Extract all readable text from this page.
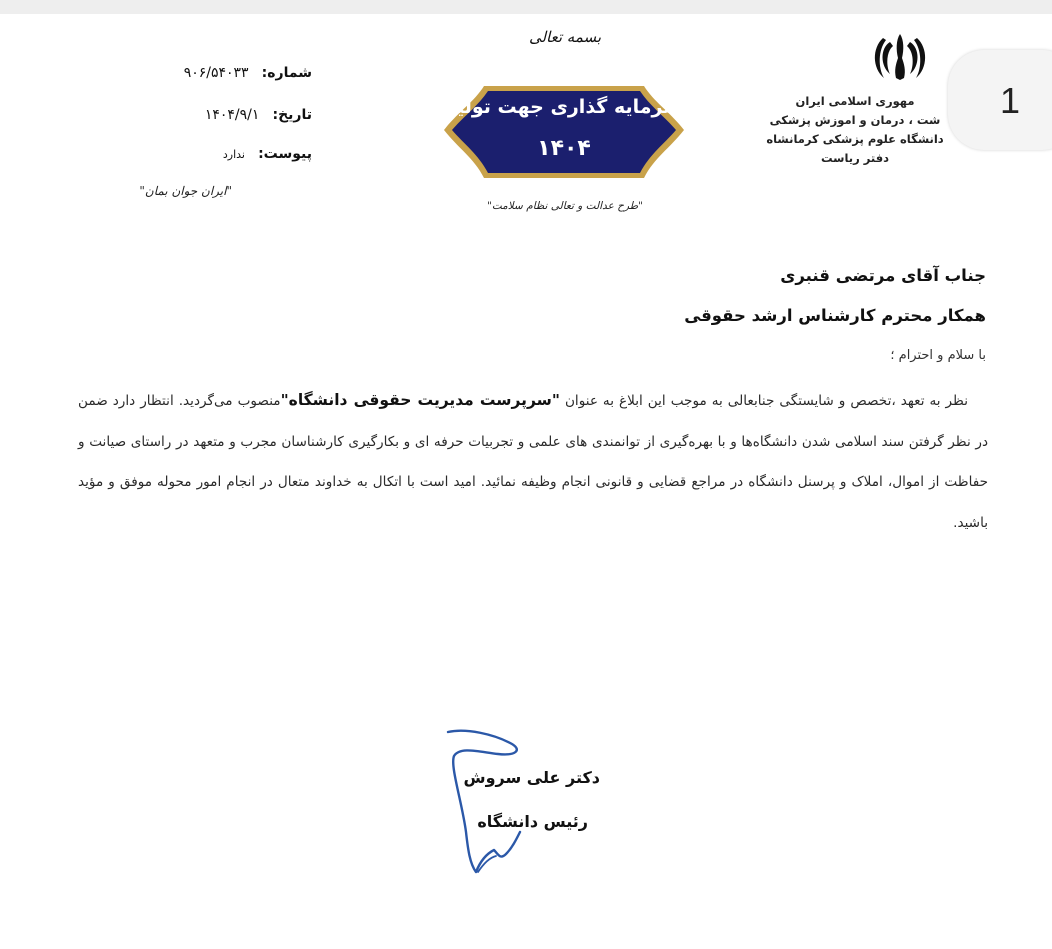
1
مهوری اسلامی ایران
شت ، درمان و اموزش پزشکی
دانشگاه علوم پزشکی کرمانشاه
دفتر ریاست
بسمه تعالی
سرمایه گذاری جهت تولید
۱۴۰۴
"طرح عدالت و تعالی نظام سلامت"
شماره: ۹۰۶/۵۴۰۳۳
تاریخ: ۱۴۰۴/۹/۱
پیوست: ندارد
"ایران جوان بمان"
جناب آقای مرتضی قنبری
همکار محترم کارشناس ارشد حقوقی
با سلام و احترام ؛
نظر به تعهد ،تخصص و شایستگی جنابعالی به موجب این ابلاغ به عنوان "سرپرست مدیریت حقوقی دانشگاه"منصوب می‌گردید. انتظار دارد ضمن در نظر گرفتن سند اسلامی شدن دانشگاه‌ها و با بهره‌گیری از توانمندی های علمی و تجربیات حرفه ای و بکارگیری کارشناسان مجرب و متعهد در راستای صیانت و حفاظت از اموال، املاک و پرسنل دانشگاه در مراجع قضایی و قانونی انجام وظیفه نمائید. امید است با اتکال به خداوند متعال در انجام امور محوله موفق و مؤید باشید.
دکتر علی سروش
رئیس دانشگاه
